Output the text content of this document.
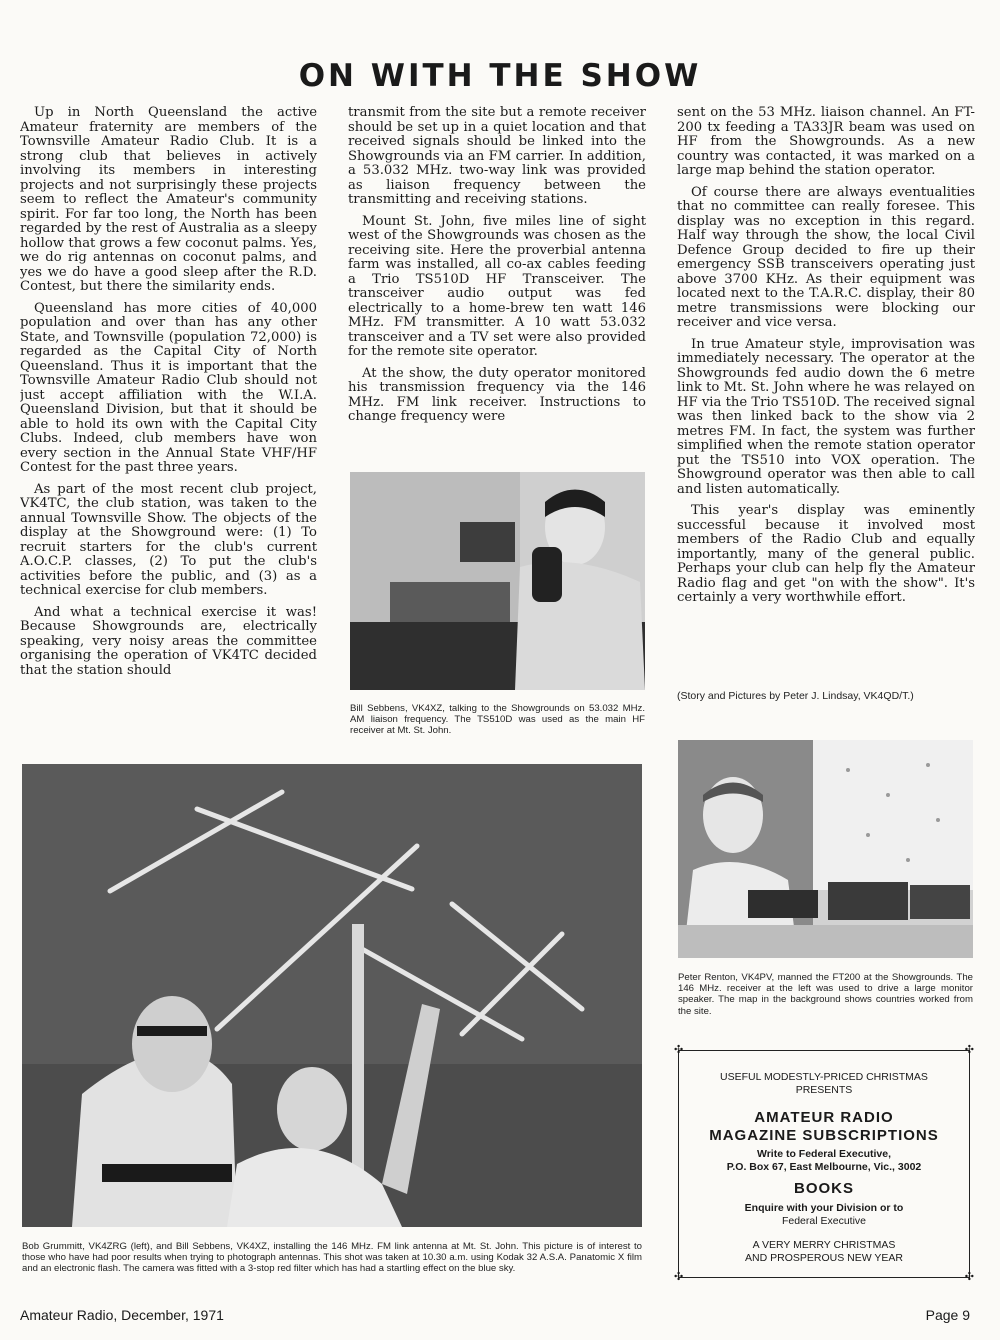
ON WITH THE SHOW

Up in North Queensland the active Amateur fraternity are members of the Townsville Amateur Radio Club. It is a strong club that believes in actively involving its members in interesting projects and not surprisingly these projects seem to reflect the Amateur's community spirit. For far too long, the North has been regarded by the rest of Australia as a sleepy hollow that grows a few coconut palms. Yes, we do rig antennas on coconut palms, and yes we do have a good sleep after the R.D. Contest, but there the similarity ends.

Queensland has more cities of 40,000 population and over than has any other State, and Townsville (population 72,000) is regarded as the Capital City of North Queensland. Thus it is important that the Townsville Amateur Radio Club should not just accept affiliation with the W.I.A. Queensland Division, but that it should be able to hold its own with the Capital City Clubs. Indeed, club members have won every section in the Annual State VHF/HF Contest for the past three years.

As part of the most recent club project, VK4TC, the club station, was taken to the annual Townsville Show. The objects of the display at the Showground were: (1) To recruit starters for the club's current A.O.C.P. classes, (2) To put the club's activities before the public, and (3) as a technical exercise for club members.

And what a technical exercise it was! Because Showgrounds are, electrically speaking, very noisy areas the committee organising the operation of VK4TC decided that the station should

transmit from the site but a remote receiver should be set up in a quiet location and that received signals should be linked into the Showgrounds via an FM carrier. In addition, a 53.032 MHz. two-way link was provided as liaison frequency between the transmitting and receiving stations.

Mount St. John, five miles line of sight west of the Showgrounds was chosen as the receiving site. Here the proverbial antenna farm was installed, all co-ax cables feeding a Trio TS510D HF Transceiver. The transceiver audio output was fed electrically to a home-brew ten watt 146 MHz. FM transmitter. A 10 watt 53.032 transceiver and a TV set were also provided for the remote site operator.

At the show, the duty operator monitored his transmission frequency via the 146 MHz. FM link receiver. Instructions to change frequency were

sent on the 53 MHz. liaison channel. An FT-200 tx feeding a TA33JR beam was used on HF from the Showgrounds. As a new country was contacted, it was marked on a large map behind the station operator.

Of course there are always eventualities that no committee can really foresee. This display was no exception in this regard. Half way through the show, the local Civil Defence Group decided to fire up their emergency SSB transceivers operating just above 3700 KHz. As their equipment was located next to the T.A.R.C. display, their 80 metre transmissions were blocking our receiver and vice versa.

In true Amateur style, improvisation was immediately necessary. The operator at the Showgrounds fed audio down the 6 metre link to Mt. St. John where he was relayed on HF via the Trio TS510D. The received signal was then linked back to the show via 2 metres FM. In fact, the system was further simplified when the remote station operator put the TS510 into VOX operation. The Showground operator was then able to call and listen automatically.

This year's display was eminently successful because it involved most members of the Radio Club and equally importantly, many of the general public. Perhaps your club can help fly the Amateur Radio flag and get "on with the show". It's certainly a very worthwhile effort.

(Story and Pictures by Peter J. Lindsay, VK4QD/T.)
Bill Sebbens, VK4XZ, talking to the Showgrounds on 53.032 MHz. AM liaison frequency. The TS510D was used as the main HF receiver at Mt. St. John.
Bob Grummitt, VK4ZRG (left), and Bill Sebbens, VK4XZ, installing the 146 MHz. FM link antenna at Mt. St. John. This picture is of interest to those who have had poor results when trying to photograph antennas. This shot was taken at 10.30 a.m. using Kodak 32 A.S.A. Panatomic X film and an electronic flash. The camera was fitted with a 3-stop red filter which has had a startling effect on the blue sky.
Peter Renton, VK4PV, manned the FT200 at the Showgrounds. The 146 MHz. receiver at the left was used to drive a large monitor speaker. The map in the background shows countries worked from the site.
✣	✣
✣	✣
USEFUL MODESTLY-PRICED CHRISTMAS
PRESENTS
AMATEUR RADIO
MAGAZINE SUBSCRIPTIONS
Write to Federal Executive,
P.O. Box 67, East Melbourne, Vic., 3002
BOOKS
Enquire with your Division or to
Federal Executive
A VERY MERRY CHRISTMAS
AND PROSPEROUS NEW YEAR
Amateur Radio, December, 1971	Page 9
